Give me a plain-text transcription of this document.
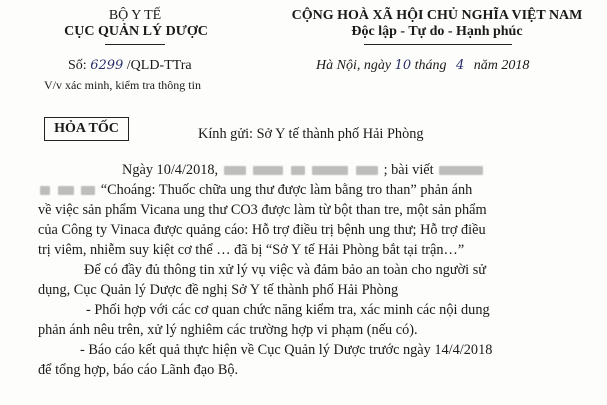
BỘ Y TẾ
CỤC QUẢN LÝ DƯỢC
Số: 6299 /QLD-TTra
V/v xác minh, kiểm tra thông tin
CỘNG HOÀ XÃ HỘI CHỦ NGHĨA VIỆT NAM
Độc lập - Tự do - Hạnh phúc
Hà Nội, ngày 10 tháng 4 năm 2018
HỎA TỐC	Kính gửi: Sở Y tế thành phố Hải Phòng
Ngày 10/4/2018,	; bài viết
“Choáng: Thuốc chữa ung thư được làm bằng tro than” phản ánh
về việc sản phẩm Vicana ung thư CO3 được làm từ bột than tre, một sản phẩm
của Công ty Vinaca được quảng cáo: Hỗ trợ điều trị bệnh ung thư; Hỗ trợ điều
trị viêm, nhiễm suy kiệt cơ thể … đã bị “Sở Y tế Hải Phòng bắt tại trận…”
Để có đầy đủ thông tin xử lý vụ việc và đảm bảo an toàn cho người sử
dụng, Cục Quản lý Dược đề nghị Sở Y tế thành phố Hải Phòng
- Phối hợp với các cơ quan chức năng kiểm tra, xác minh các nội dung
phản ánh nêu trên, xử lý nghiêm các trường hợp vi phạm (nếu có).
- Báo cáo kết quả thực hiện về Cục Quản lý Dược trước ngày 14/4/2018
để tổng hợp, báo cáo Lãnh đạo Bộ.
